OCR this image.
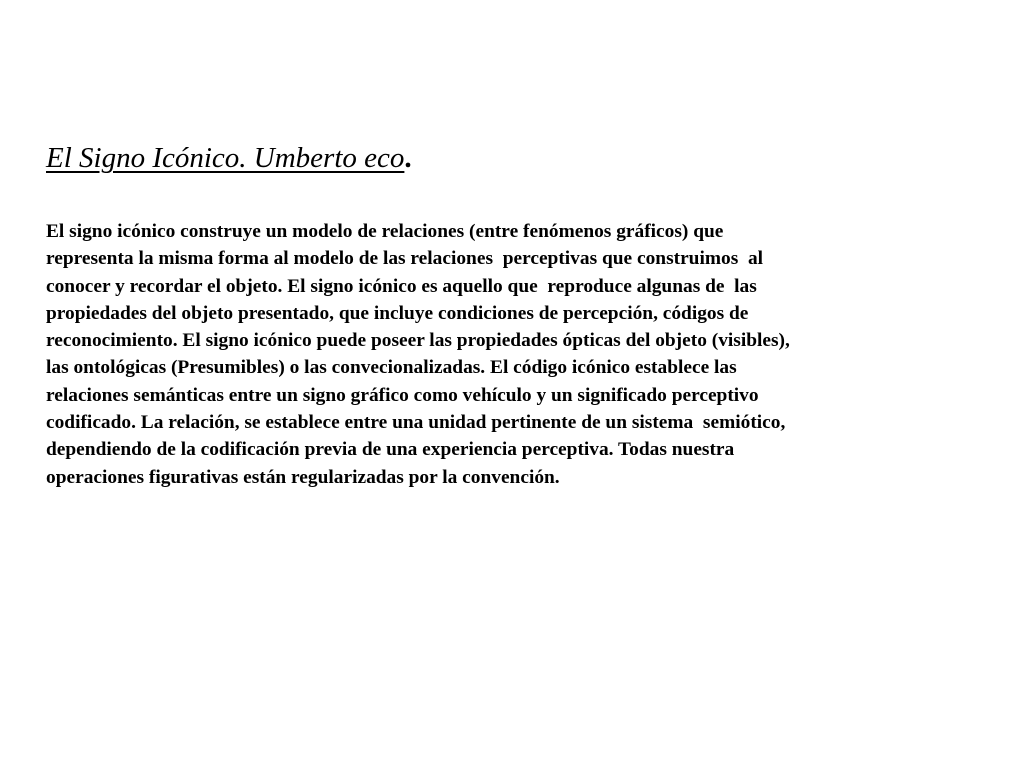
El Signo Icónico. Umberto eco.
El signo icónico construye un modelo de relaciones (entre fenómenos gráficos) que
representa la misma forma al modelo de las relaciones  perceptivas que construimos  al
conocer y recordar el objeto. El signo icónico es aquello que  reproduce algunas de  las
propiedades del objeto presentado, que incluye condiciones de percepción, códigos de
reconocimiento. El signo icónico puede poseer las propiedades ópticas del objeto (visibles),
las ontológicas (Presumibles) o las convecionalizadas. El código icónico establece las
relaciones semánticas entre un signo gráfico como vehículo y un significado perceptivo
codificado. La relación, se establece entre una unidad pertinente de un sistema  semiótico,
dependiendo de la codificación previa de una experiencia perceptiva. Todas nuestra
operaciones figurativas están regularizadas por la convención.
